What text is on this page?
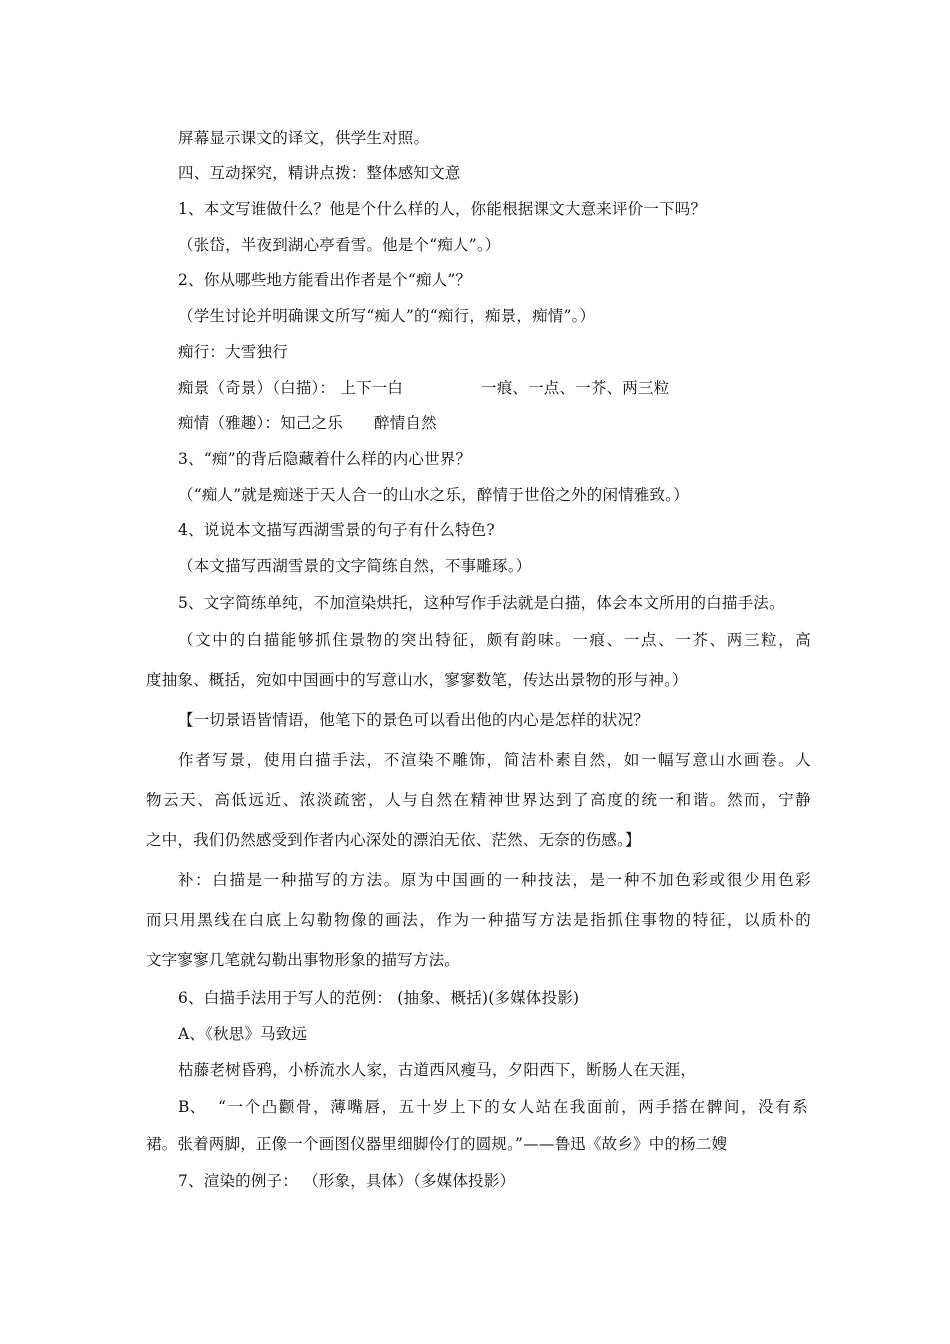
屏幕显示课文的译文，供学生对照。
四、互动探究，精讲点拨：整体感知文意
1、本文写谁做什么？他是个什么样的人，你能根据课文大意来评价一下吗？
（张岱，半夜到湖心亭看雪。他是个“痴人”。）
2、你从哪些地方能看出作者是个“痴人”？
（学生讨论并明确课文所写“痴人”的“痴行，痴景，痴情”。）
痴行：大雪独行
痴景（奇景）（白描）： 上下一白	一痕、一点、一芥、两三粒
痴情（雅趣）：知己之乐 醉情自然
3、“痴”的背后隐藏着什么样的内心世界？
（“痴人”就是痴迷于天人合一的山水之乐，醉情于世俗之外的闲情雅致。）
4、说说本文描写西湖雪景的句子有什么特色?
（本文描写西湖雪景的文字简练自然，不事雕琢。）
5、文字简练单纯，不加渲染烘托，这种写作手法就是白描，体会本文所用的白描手法。
（文中的白描能够抓住景物的突出特征，颇有韵味。一痕、一点、一芥、两三粒，高
度抽象、概括，宛如中国画中的写意山水，寥寥数笔，传达出景物的形与神。）
【一切景语皆情语，他笔下的景色可以看出他的内心是怎样的状况？
作者写景，使用白描手法，不渲染不雕饰，简洁朴素自然，如一幅写意山水画卷。人
物云天、高低远近、浓淡疏密，人与自然在精神世界达到了高度的统一和谐。然而，宁静
之中，我们仍然感受到作者内心深处的漂泊无依、茫然、无奈的伤感。】
补：白描是一种描写的方法。原为中国画的一种技法，是一种不加色彩或很少用色彩
而只用黑线在白底上勾勒物像的画法，作为一种描写方法是指抓住事物的特征，以质朴的
文字寥寥几笔就勾勒出事物形象的描写方法。
6、白描手法用于写人的范例： (抽象、概括)(多媒体投影)
A、《秋思》马致远
枯藤老树昏鸦，小桥流水人家，古道西风瘦马，夕阳西下，断肠人在天涯，
B、 “一个凸颧骨，薄嘴唇，五十岁上下的女人站在我面前，两手搭在髀间，没有系
裙。张着两脚，正像一个画图仪器里细脚伶仃的圆规。”——鲁迅《故乡》中的杨二嫂
7、渲染的例子： （形象，具体）（多媒体投影）
